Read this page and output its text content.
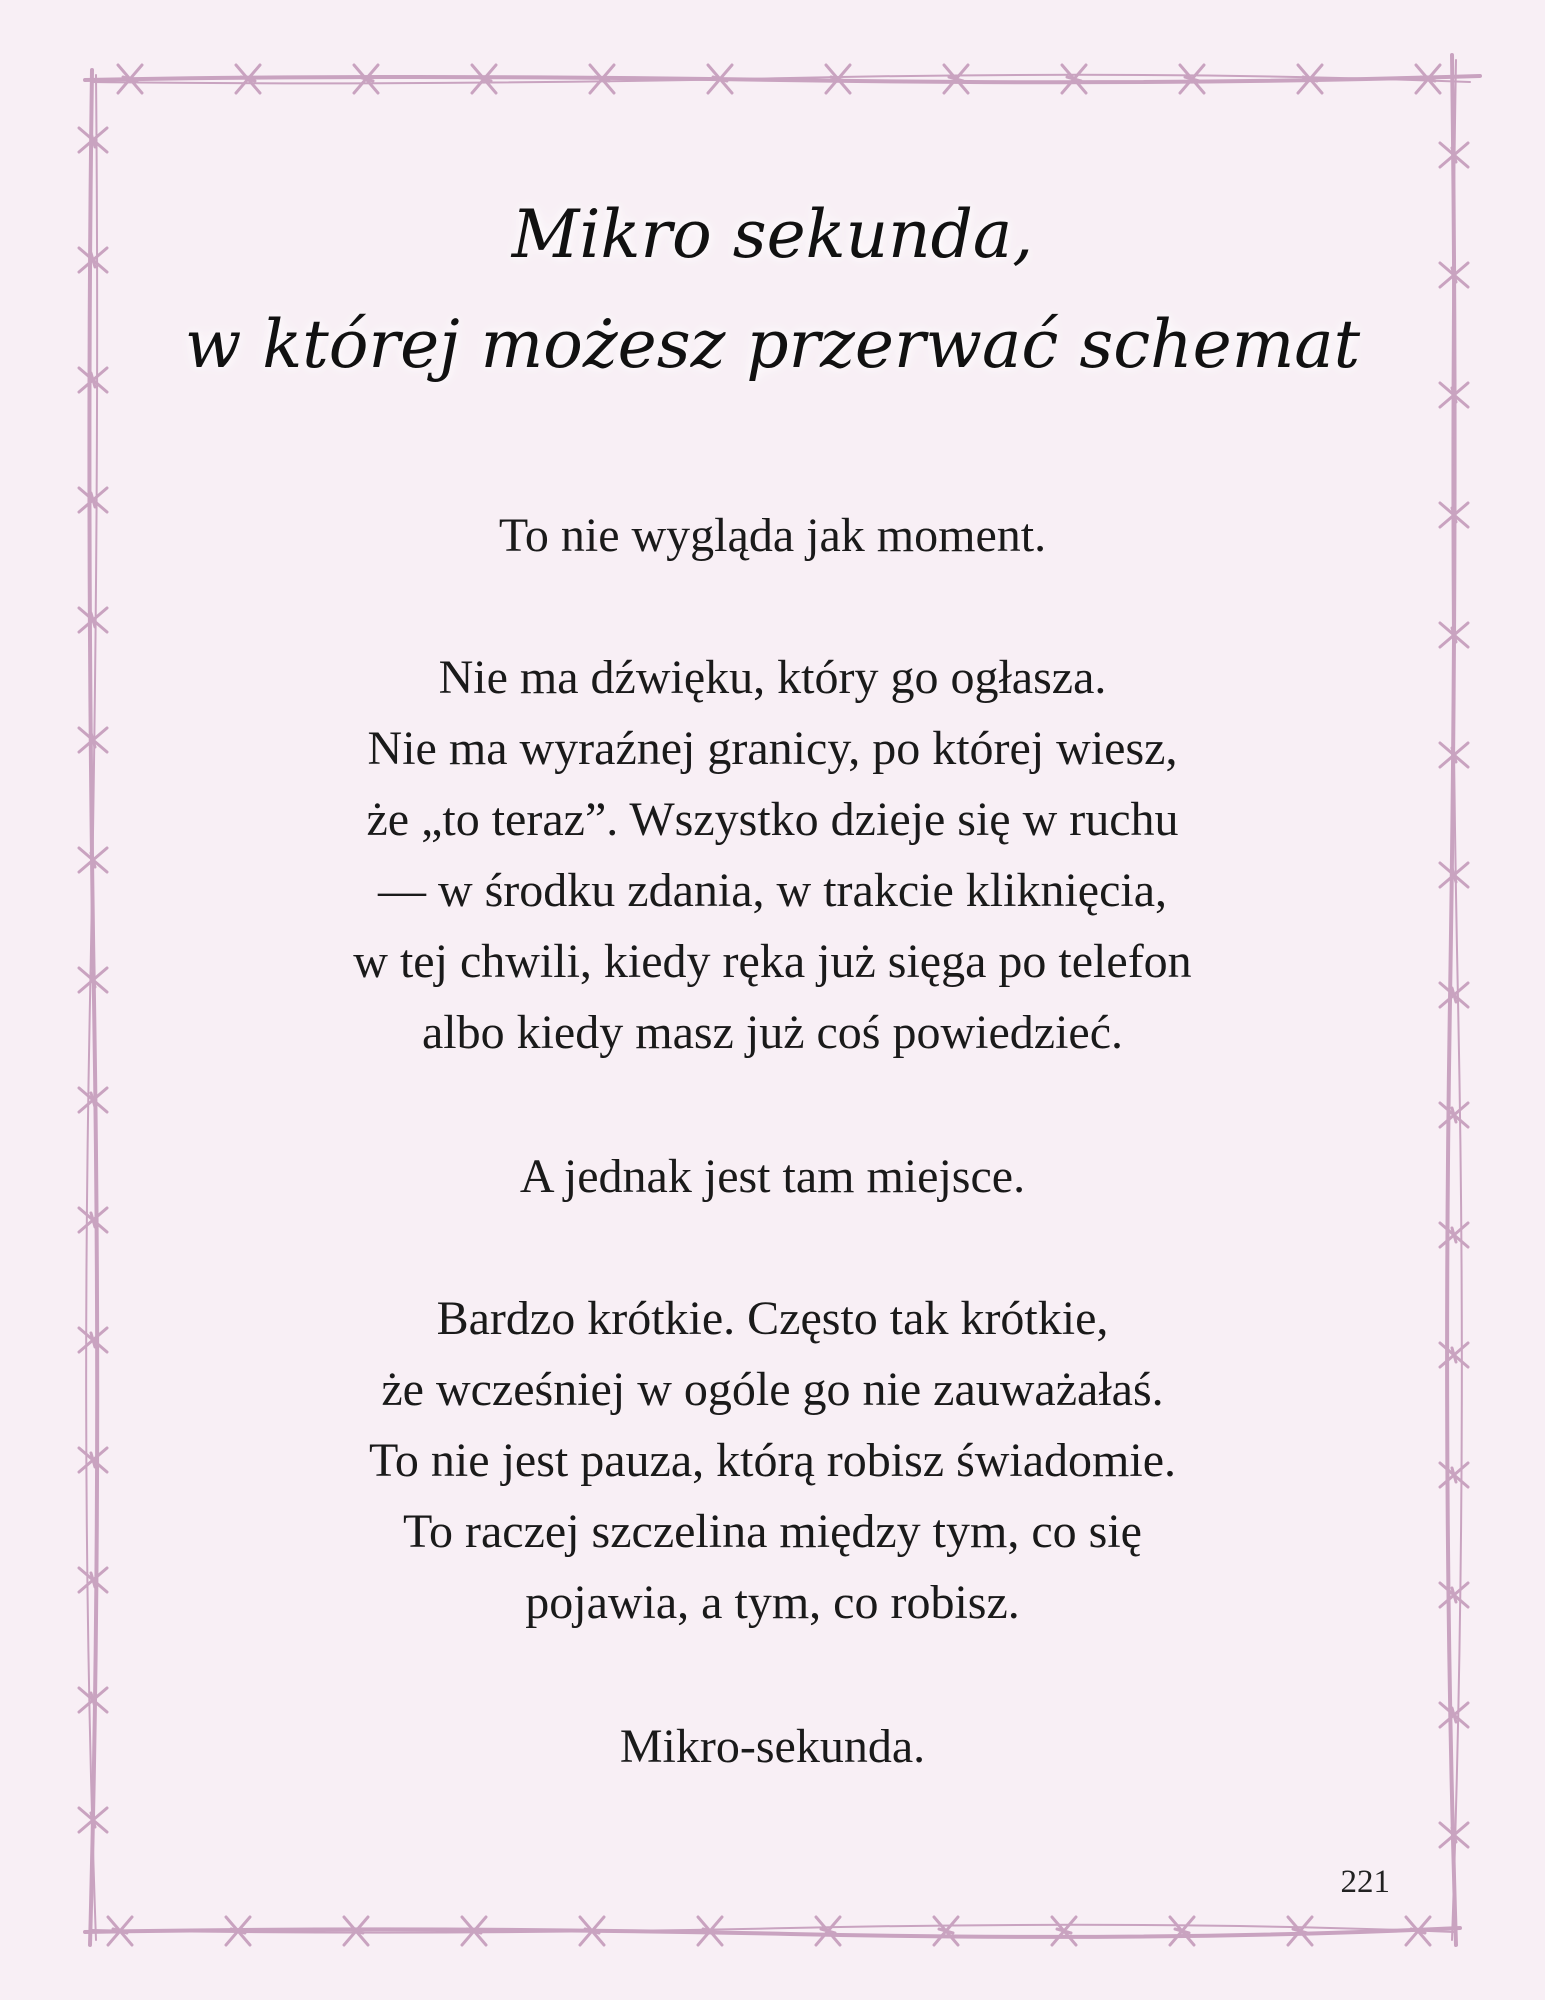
Mikro sekunda,
w której możesz przerwać schemat
To nie wygląda jak moment.
Nie ma dźwięku, który go ogłasza.
Nie ma wyraźnej granicy, po której wiesz,
że „to teraz”. Wszystko dzieje się w ruchu
— w środku zdania, w trakcie kliknięcia,
w tej chwili, kiedy ręka już sięga po telefon
albo kiedy masz już coś powiedzieć.
A jednak jest tam miejsce.
Bardzo krótkie. Często tak krótkie,
że wcześniej w ogóle go nie zauważałaś.
To nie jest pauza, którą robisz świadomie.
To raczej szczelina między tym, co się
pojawia, a tym, co robisz.
Mikro-sekunda.
221
